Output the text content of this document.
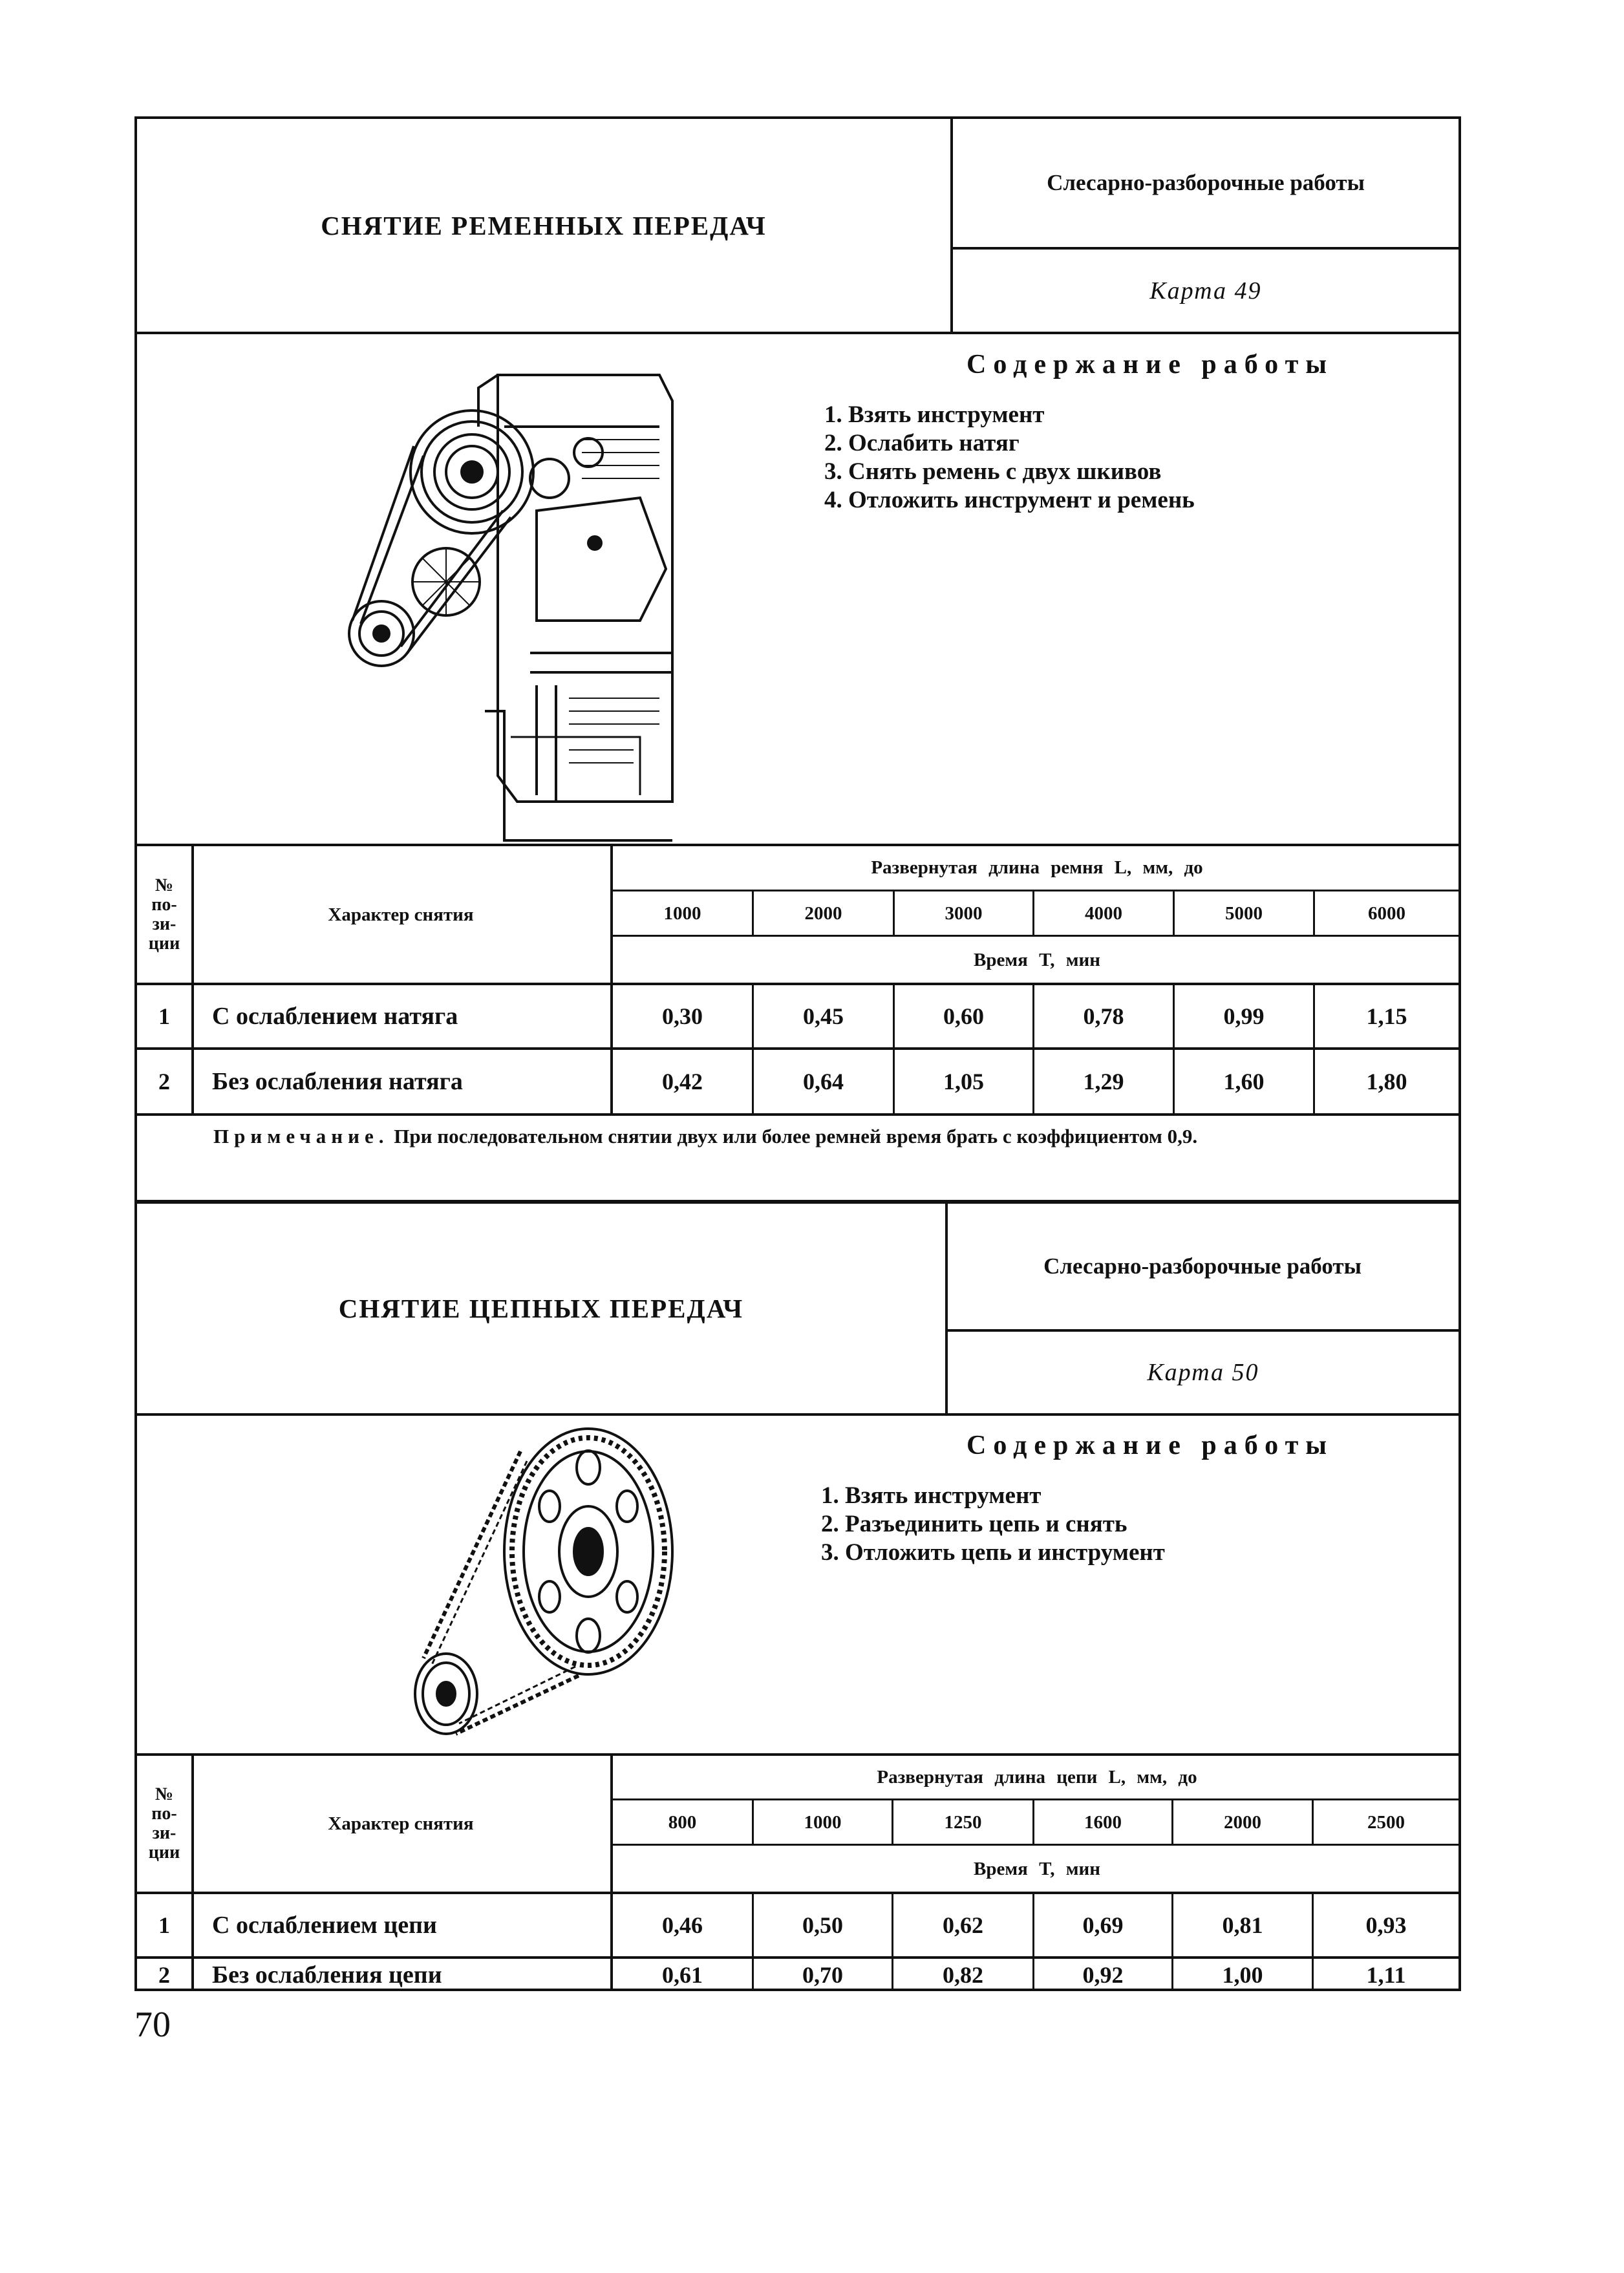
СНЯТИЕ РЕМЕННЫХ ПЕРЕДАЧ
Слесарно-разборочные работы
Карта 49
Содержание работы
1. Взять инструмент
2. Ослабить натяг
3. Снять ремень с двух шкивов
4. Отложить инструмент и ремень
№ по- зи- ции
Характер снятия
Развернутая длина ремня L, мм, до
1000	2000	3000	4000	5000	6000
Время T, мин
1	С ослаблением натяга	0,30	0,45	0,60	0,78	0,99	1,15
2	Без ослабления натяга	0,42	0,64	1,05	1,29	1,60	1,80
Примечание. При последовательном снятии двух или более ремней время брать с коэффициентом 0,9.
СНЯТИЕ ЦЕПНЫХ ПЕРЕДАЧ
Слесарно-разборочные работы
Карта 50
Содержание работы
1. Взять инструмент
2. Разъединить цепь и снять
3. Отложить цепь и инструмент
№ по- зи- ции
Характер снятия
Развернутая длина цепи L, мм, до
800	1000	1250	1600	2000	2500
Время T, мин
1	С ослаблением цепи	0,46	0,50	0,62	0,69	0,81	0,93
2	Без ослабления цепи	0,61	0,70	0,82	0,92	1,00	1,11
70
